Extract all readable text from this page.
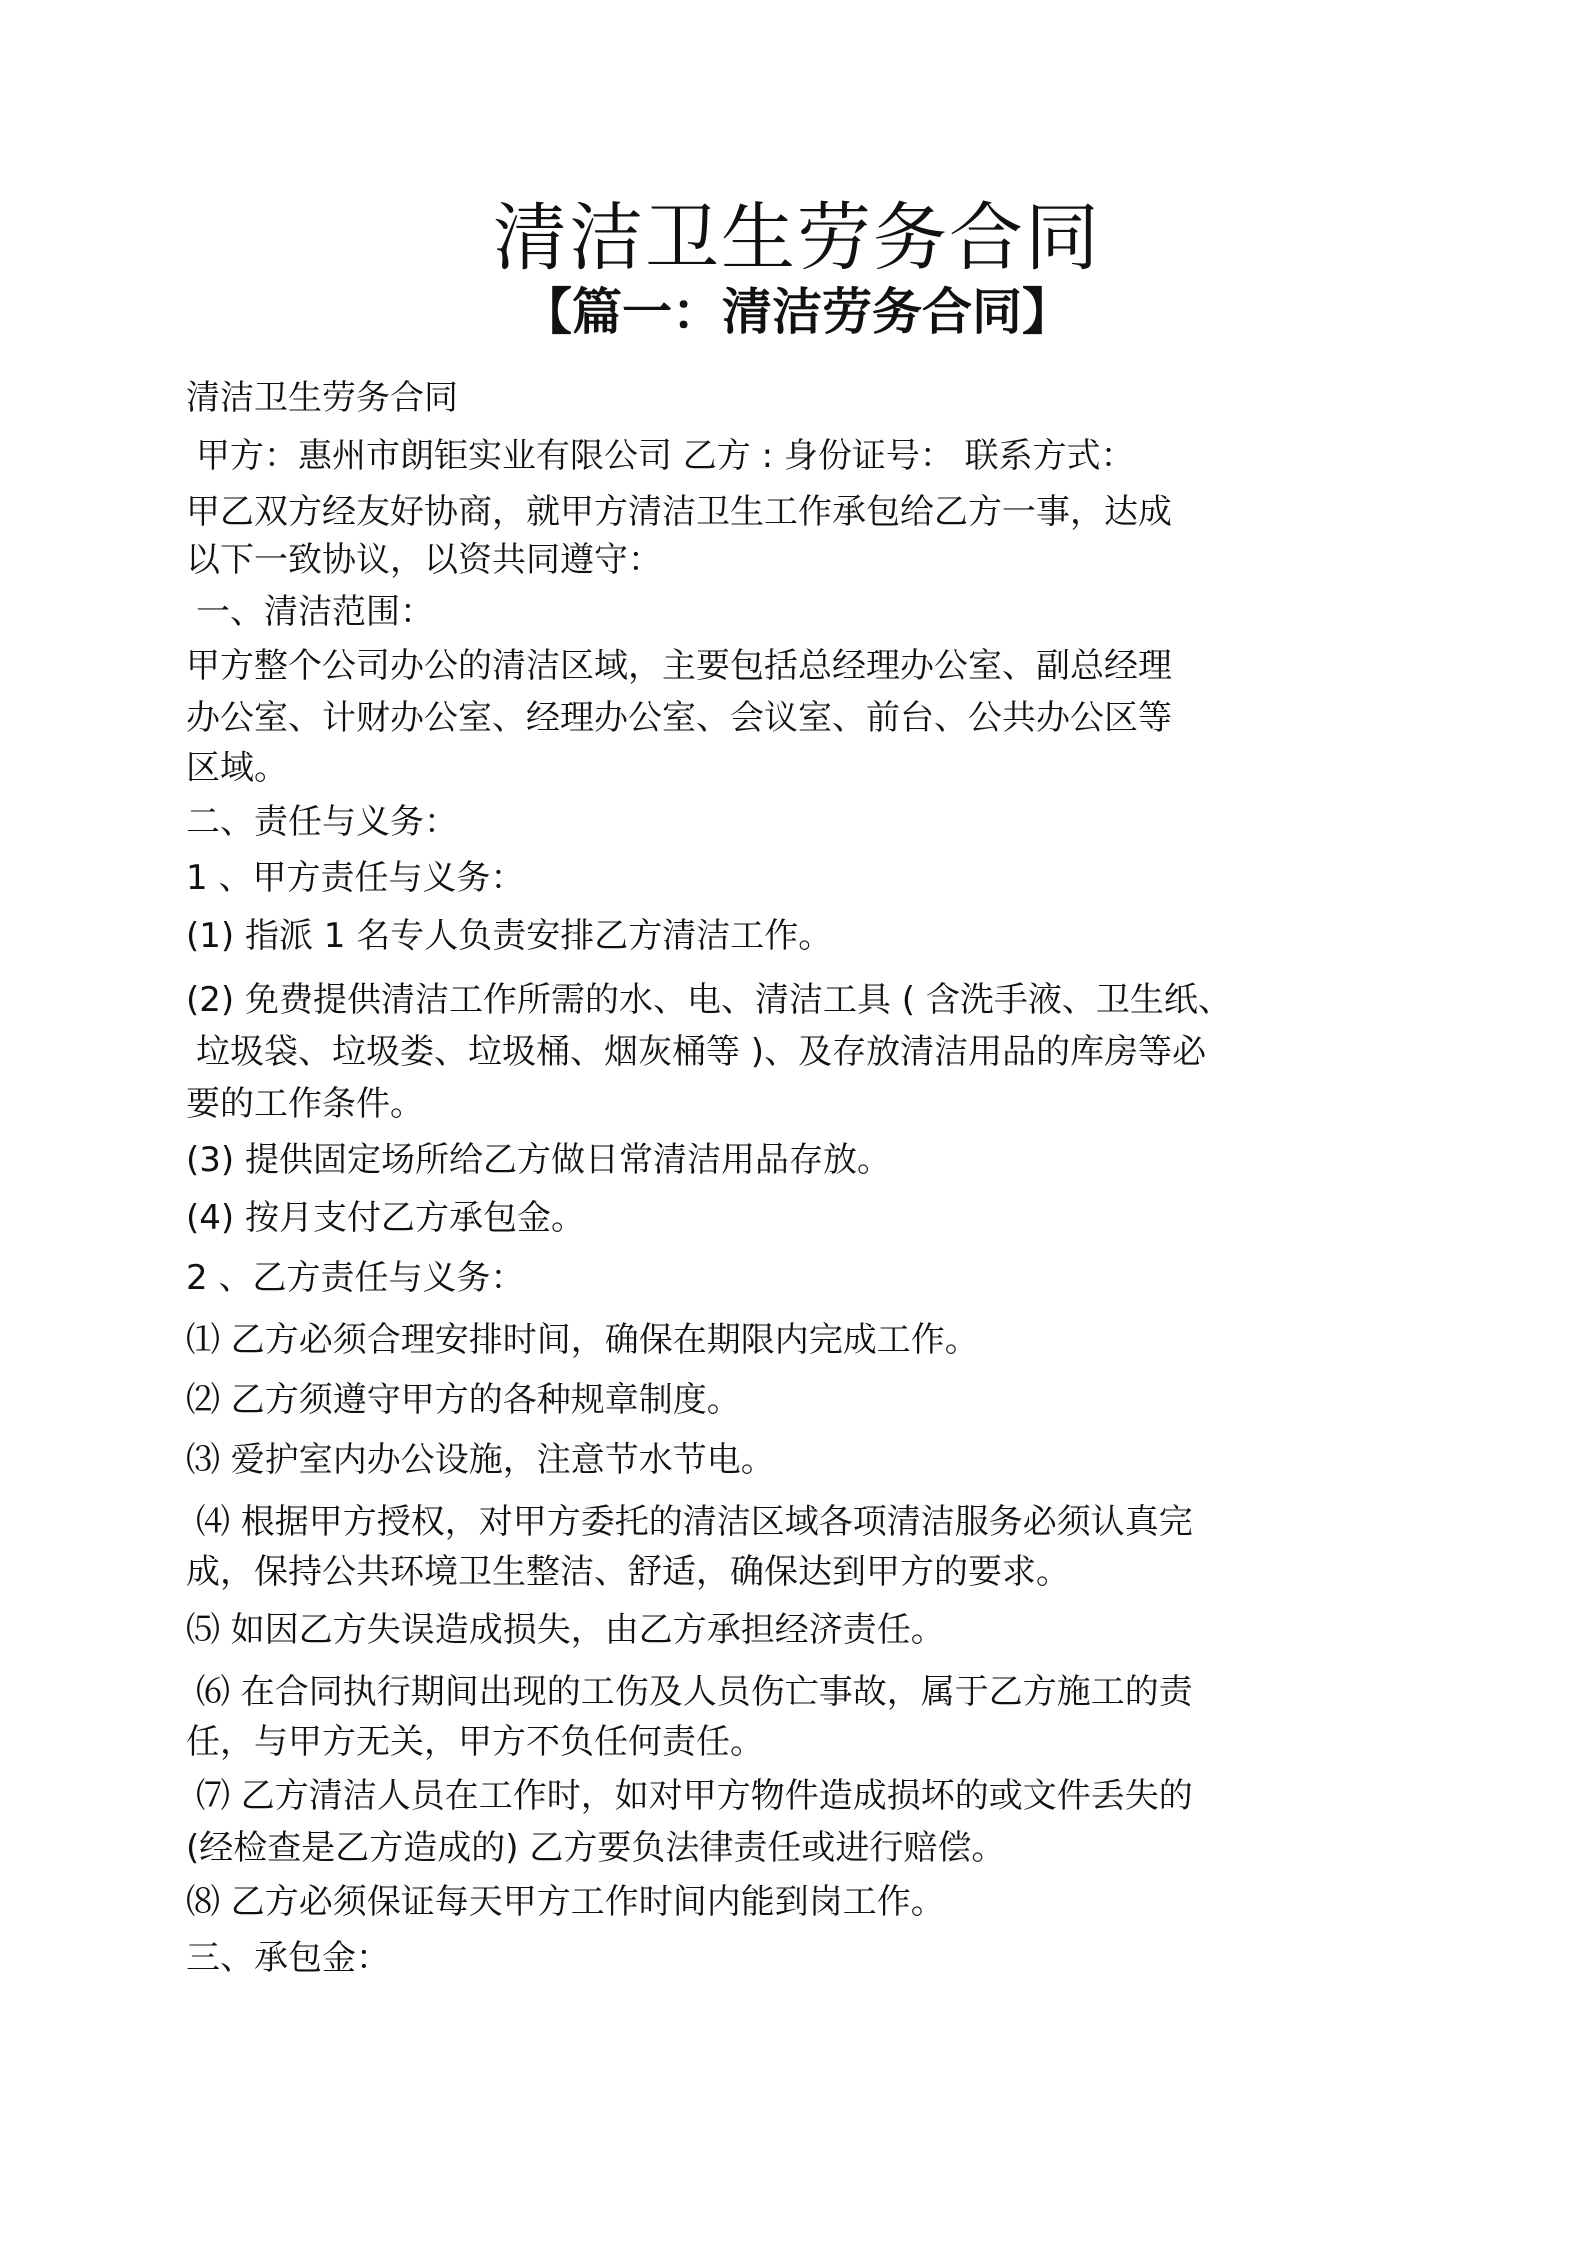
清洁卫生劳务合同
【篇一：清洁劳务合同】
清洁卫生劳务合同
甲方：惠州市朗钜实业有限公司 乙方 : 身份证号： 联系方式：
甲乙双方经友好协商，就甲方清洁卫生工作承包给乙方一事，达成
以下一致协议，以资共同遵守：
一、清洁范围：
甲方整个公司办公的清洁区域，主要包括总经理办公室、副总经理
办公室、计财办公室、经理办公室、会议室、前台、公共办公区等
区域。
二、责任与义务：
1 、甲方责任与义务：
(1) 指派 1 名专人负责安排乙方清洁工作。
(2) 免费提供清洁工作所需的水、电、清洁工具 ( 含洗手液、卫生纸、
垃圾袋、垃圾娄、垃圾桶、烟灰桶等 )、及存放清洁用品的库房等必
要的工作条件。
(3) 提供固定场所给乙方做日常清洁用品存放。
(4) 按月支付乙方承包金。
2 、乙方责任与义务：
⑴ 乙方必须合理安排时间，确保在期限内完成工作。
⑵ 乙方须遵守甲方的各种规章制度。
⑶ 爱护室内办公设施，注意节水节电。
⑷ 根据甲方授权，对甲方委托的清洁区域各项清洁服务必须认真完
成，保持公共环境卫生整洁、舒适，确保达到甲方的要求。
⑸ 如因乙方失误造成损失，由乙方承担经济责任。
⑹ 在合同执行期间出现的工伤及人员伤亡事故，属于乙方施工的责
任，与甲方无关，甲方不负任何责任。
⑺ 乙方清洁人员在工作时，如对甲方物件造成损坏的或文件丢失的
(经检查是乙方造成的) 乙方要负法律责任或进行赔偿。
⑻ 乙方必须保证每天甲方工作时间内能到岗工作。
三、承包金：
